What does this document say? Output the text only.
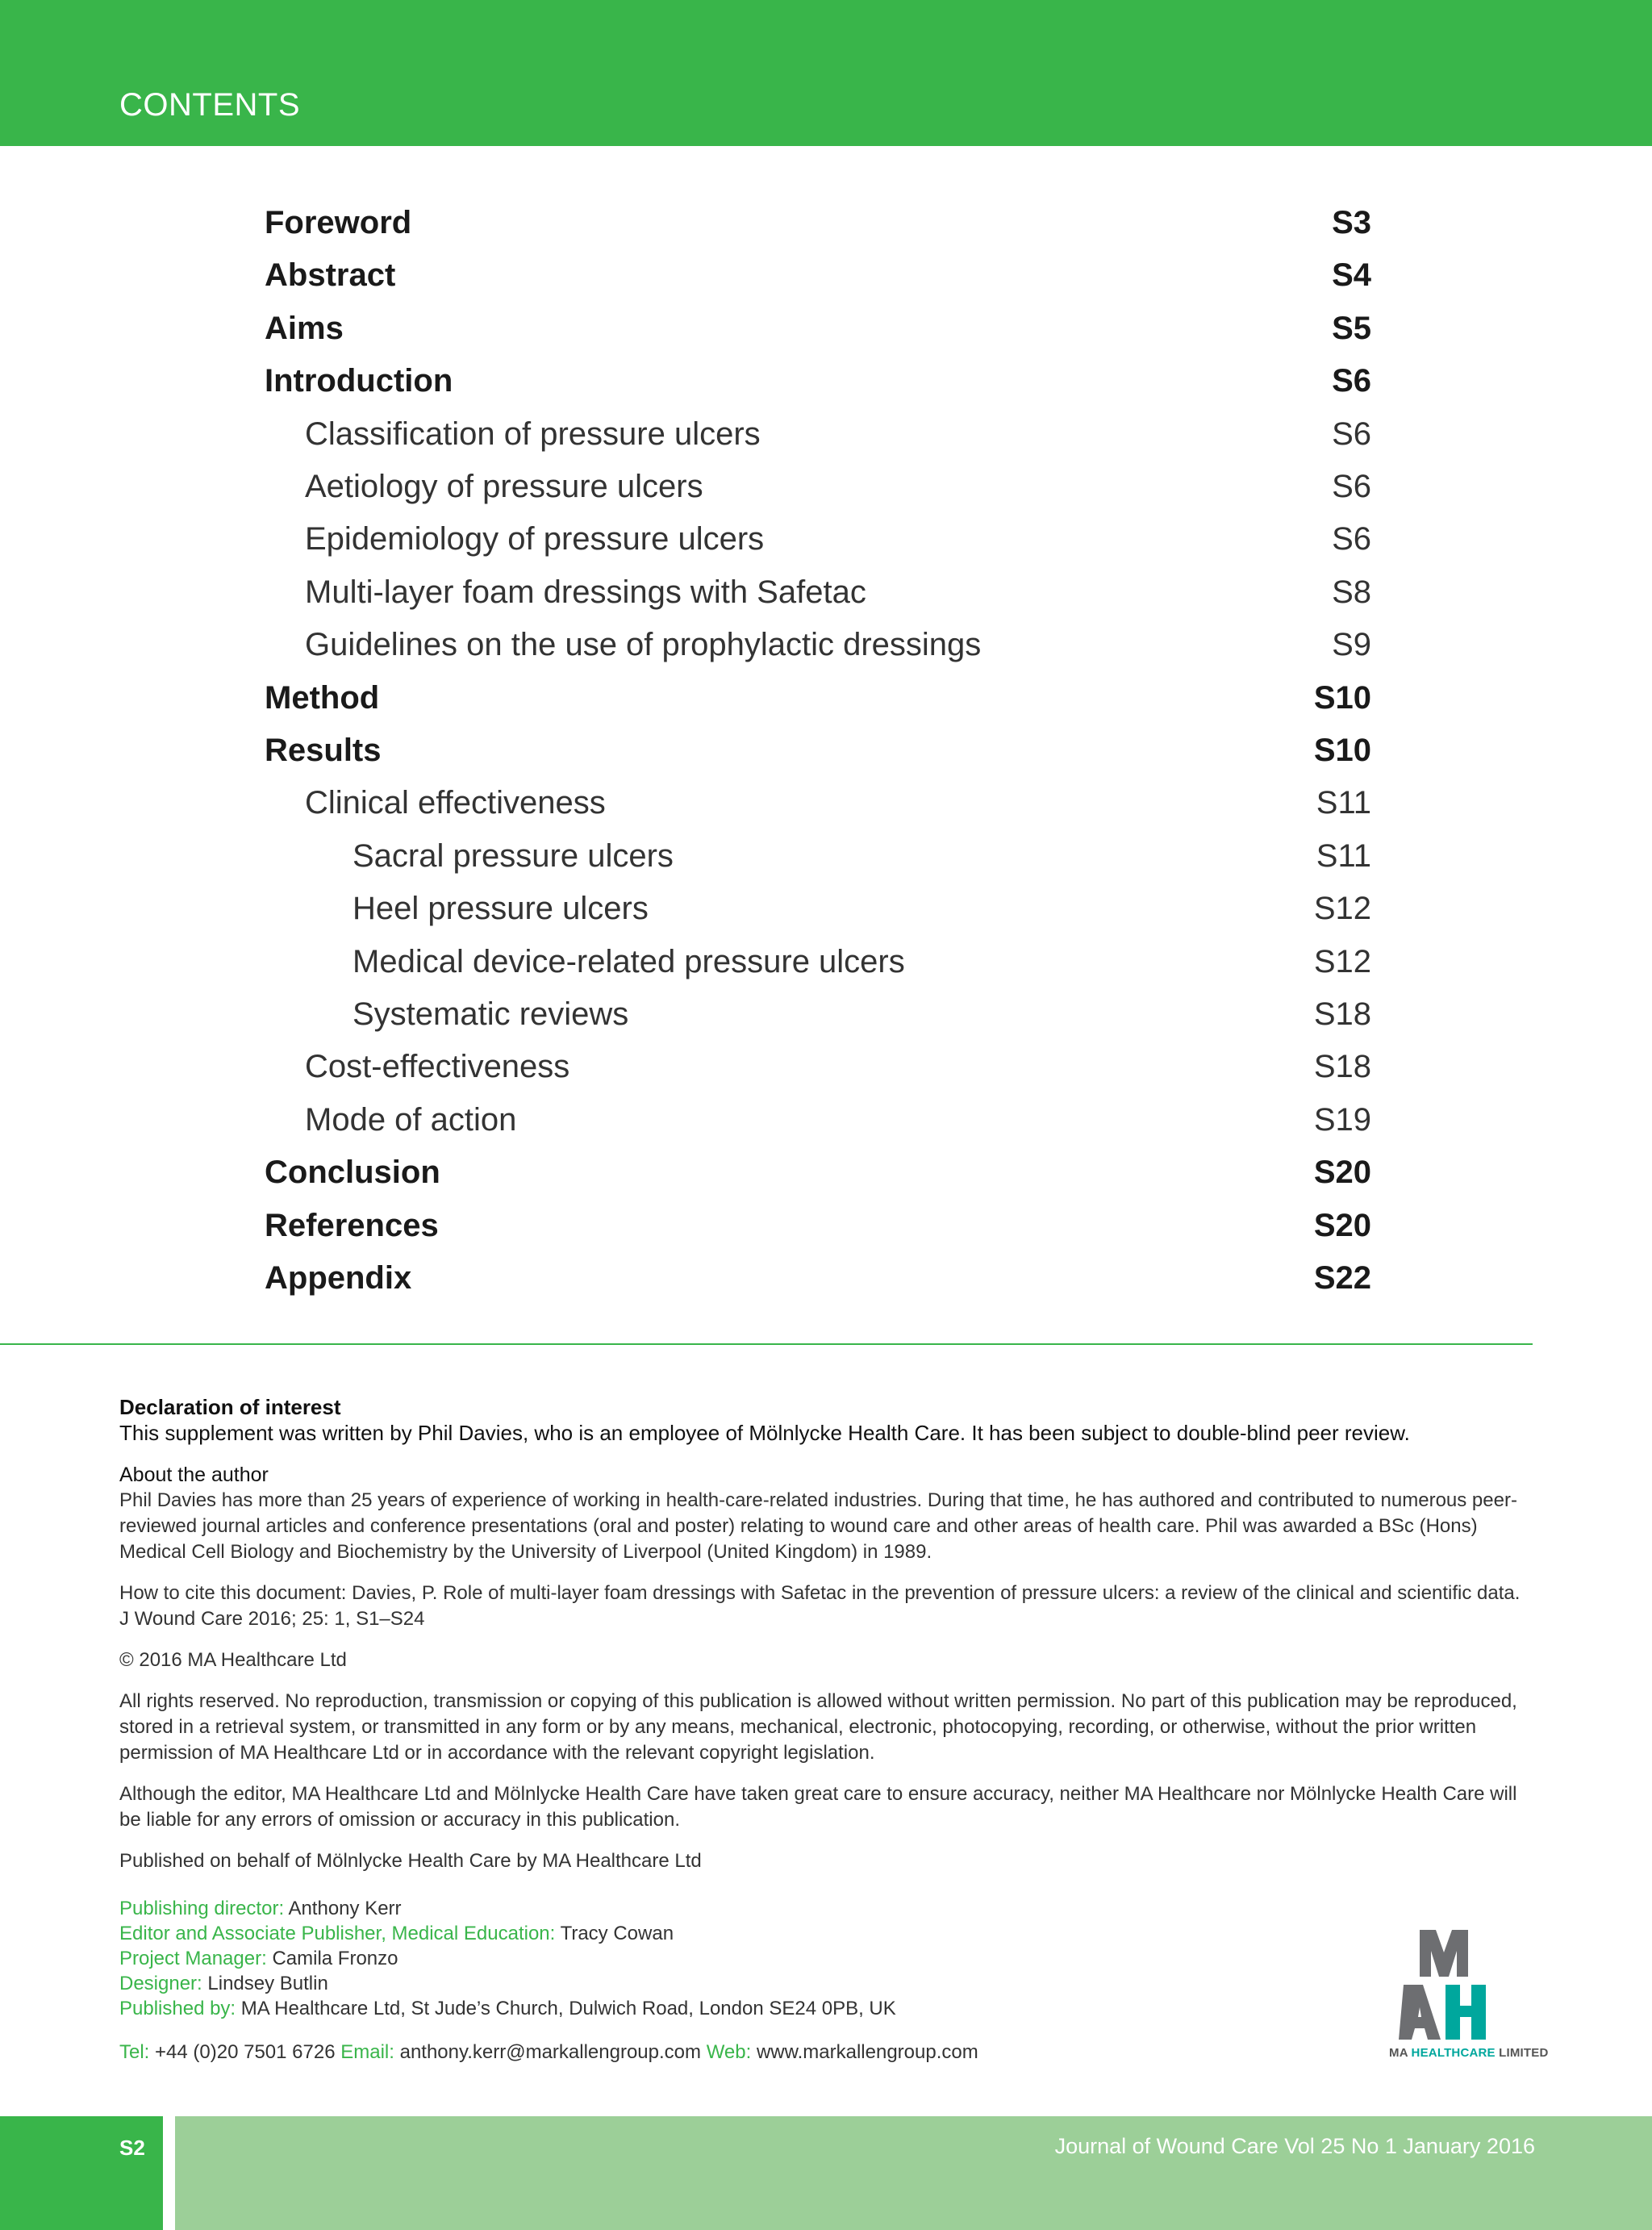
CONTENTS
Foreword	S3
Abstract	S4
Aims	S5
Introduction	S6
Classification of pressure ulcers	S6
Aetiology of pressure ulcers	S6
Epidemiology of pressure ulcers	S6
Multi-layer foam dressings with Safetac	S8
Guidelines on the use of prophylactic dressings	S9
Method	S10
Results	S10
Clinical effectiveness	S11
Sacral pressure ulcers	S11
Heel pressure ulcers	S12
Medical device-related pressure ulcers	S12
Systematic reviews	S18
Cost-effectiveness	S18
Mode of action	S19
Conclusion	S20
References	S20
Appendix	S22

Declaration of interest

This supplement was written by Phil Davies, who is an employee of Mölnlycke Health Care. It has been subject to double-blind peer review.

About the author

Phil Davies has more than 25 years of experience of working in health-care-related industries. During that time, he has authored and contributed to numerous peer-reviewed journal articles and conference presentations (oral and poster) relating to wound care and other areas of health care. Phil was awarded a BSc (Hons) Medical Cell Biology and Biochemistry by the University of Liverpool (United Kingdom) in 1989.

How to cite this document: Davies, P. Role of multi-layer foam dressings with Safetac in the prevention of pressure ulcers: a review of the clinical and scientific data. J Wound Care 2016; 25: 1, S1–S24

© 2016 MA Healthcare Ltd

All rights reserved. No reproduction, transmission or copying of this publication is allowed without written permission. No part of this publication may be reproduced, stored in a retrieval system, or transmitted in any form or by any means, mechanical, electronic, photocopying, recording, or otherwise, without the prior written permission of MA Healthcare Ltd or in accordance with the relevant copyright legislation.

Although the editor, MA Healthcare Ltd and Mölnlycke Health Care have taken great care to ensure accuracy, neither MA Healthcare nor Mölnlycke Health Care will be liable for any errors of omission or accuracy in this publication.

Published on behalf of Mölnlycke Health Care by MA Healthcare Ltd

Publishing director: Anthony Kerr
Editor and Associate Publisher, Medical Education: Tracy Cowan
Project Manager: Camila Fronzo
Designer: Lindsey Butlin
Published by: MA Healthcare Ltd, St Jude’s Church, Dulwich Road, London SE24 0PB, UK
Tel: +44 (0)20 7501 6726 Email: anthony.kerr@markallengroup.com Web: www.markallengroup.com	MA HEALTHCARE LIMITED
S2	Journal of Wound Care Vol 25 No 1 January 2016
